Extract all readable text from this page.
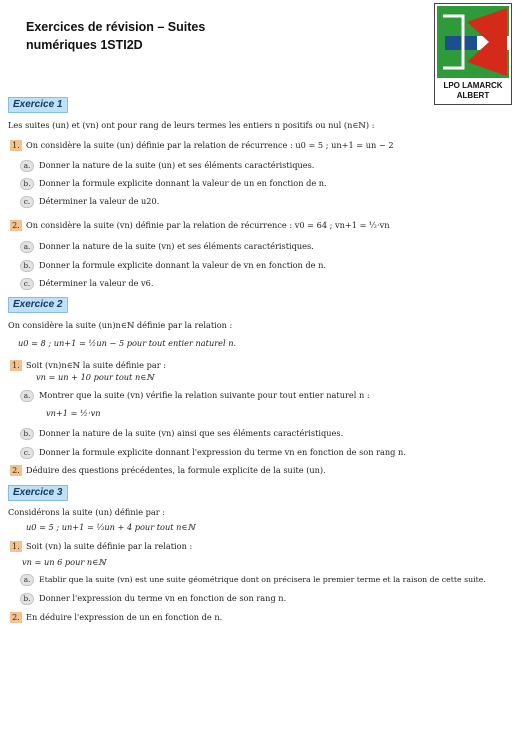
Exercices de révision – Suites
numériques 1STI2D
LPO LAMARCK
ALBERT
Exercice 1
Les suites (un) et (vn) ont pour rang de leurs termes les entiers n positifs ou nul (n∈ℕ) :
1. On considère la suite (un) définie par la relation de récurrence : u0 = 5 ; un+1 = un − 2
a. Donner la nature de la suite (un) et ses éléments caractéristiques.
b. Donner la formule explicite donnant la valeur de un en fonction de n.
c. Déterminer la valeur de u20.
2. On considère la suite (vn) définie par la relation de récurrence : v0 = 64 ; vn+1 = ½·vn
a. Donner la nature de la suite (vn) et ses éléments caractéristiques.
b. Donner la formule explicite donnant la valeur de vn en fonction de n.
c. Déterminer la valeur de v6.
Exercice 2
On considère la suite (un)n∈ℕ définie par la relation :
u0 = 8 ; un+1 = ½un − 5 pour tout entier naturel n.
1. Soit (vn)n∈ℕ la suite définie par :
vn = un + 10 pour tout n∈ℕ
a. Montrer que la suite (vn) vérifie la relation suivante pour tout entier naturel n :
vn+1 = ½·vn
b. Donner la nature de la suite (vn) ainsi que ses éléments caractéristiques.
c. Donner la formule explicite donnant l'expression du terme vn en fonction de son rang n.
2. Déduire des questions précédentes, la formule explicite de la suite (un).
Exercice 3
Considérons la suite (un) définie par :
u0 = 5 ; un+1 = ⅓un + 4 pour tout n∈ℕ
1. Soit (vn) la suite définie par la relation :
vn = un 6 pour n∈ℕ
a. Etablir que la suite (vn) est une suite géométrique dont on précisera le premier terme et la raison de cette suite.
b. Donner l'expression du terme vn en fonction de son rang n.
2. En déduire l'expression de un en fonction de n.
